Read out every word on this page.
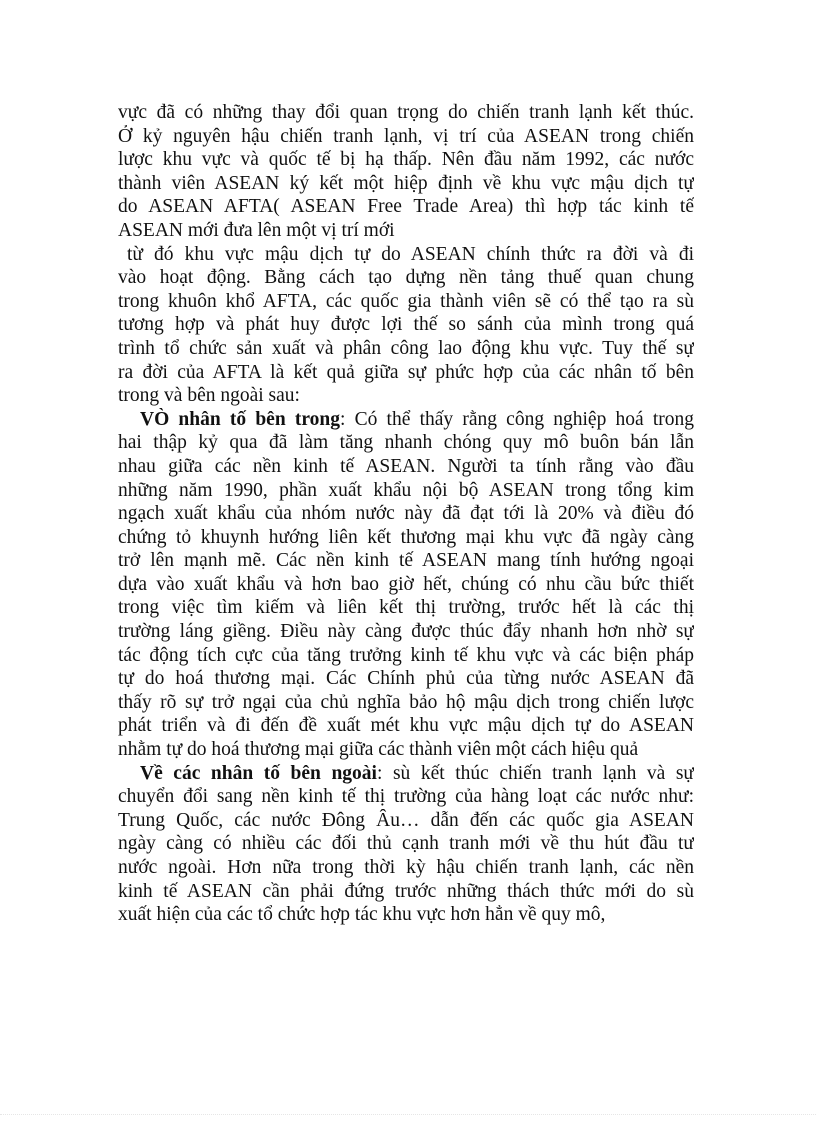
vực đã có những thay đổi quan trọng do chiến tranh lạnh kết thúc.
Ở kỷ nguyên hậu chiến tranh lạnh, vị trí của ASEAN trong chiến
lược khu vực và quốc tế bị hạ thấp. Nên đầu năm 1992, các nước
thành viên ASEAN ký kết một hiệp định về khu vực mậu dịch tự
do ASEAN AFTA( ASEAN Free Trade Area) thì hợp tác kinh tế
ASEAN mới đưa lên một vị trí mới
từ đó khu vực mậu dịch tự do ASEAN chính thức ra đời và đi
vào hoạt động. Bằng cách tạo dựng nền tảng thuế quan chung
trong khuôn khổ AFTA, các quốc gia thành viên sẽ có thể tạo ra sù
tương hợp và phát huy được lợi thế so sánh của mình trong quá
trình tổ chức sản xuất và phân công lao động khu vực. Tuy thế sự
ra đời của AFTA là kết quả giữa sự phức hợp của các nhân tố bên
trong và bên ngoài sau:
VÒ nhân tố bên trong: Có thể thấy rằng công nghiệp hoá trong
hai thập kỷ qua đã làm tăng nhanh chóng quy mô buôn bán lẫn
nhau giữa các nền kinh tế ASEAN. Người ta tính rằng vào đầu
những năm 1990, phần xuất khẩu nội bộ ASEAN trong tổng kim
ngạch xuất khẩu của nhóm nước này đã đạt tới là 20% và điều đó
chứng tỏ khuynh hướng liên kết thương mại khu vực đã ngày càng
trở lên mạnh mẽ. Các nền kinh tế ASEAN mang tính hướng ngoại
dựa vào xuất khẩu và hơn bao giờ hết, chúng có nhu cầu bức thiết
trong việc tìm kiếm và liên kết thị trường, trước hết là các thị
trường láng giềng. Điều này càng được thúc đẩy nhanh hơn nhờ sự
tác động tích cực của tăng trưởng kinh tế khu vực và các biện pháp
tự do hoá thương mại. Các Chính phủ của từng nước ASEAN đã
thấy rõ sự trở ngại của chủ nghĩa bảo hộ mậu dịch trong chiến lược
phát triển và đi đến đề xuất mét khu vực mậu dịch tự do ASEAN
nhằm tự do hoá thương mại giữa các thành viên một cách hiệu quả
Về các nhân tố bên ngoài: sù kết thúc chiến tranh lạnh và sự
chuyển đổi sang nền kinh tế thị trường của hàng loạt các nước như:
Trung Quốc, các nước Đông Âu… dẫn đến các quốc gia ASEAN
ngày càng có nhiều các đối thủ cạnh tranh mới về thu hút đầu tư
nước ngoài. Hơn nữa trong thời kỳ hậu chiến tranh lạnh, các nền
kinh tế ASEAN cần phải đứng trước những thách thức mới do sù
xuất hiện của các tổ chức hợp tác khu vực hơn hẳn về quy mô,
